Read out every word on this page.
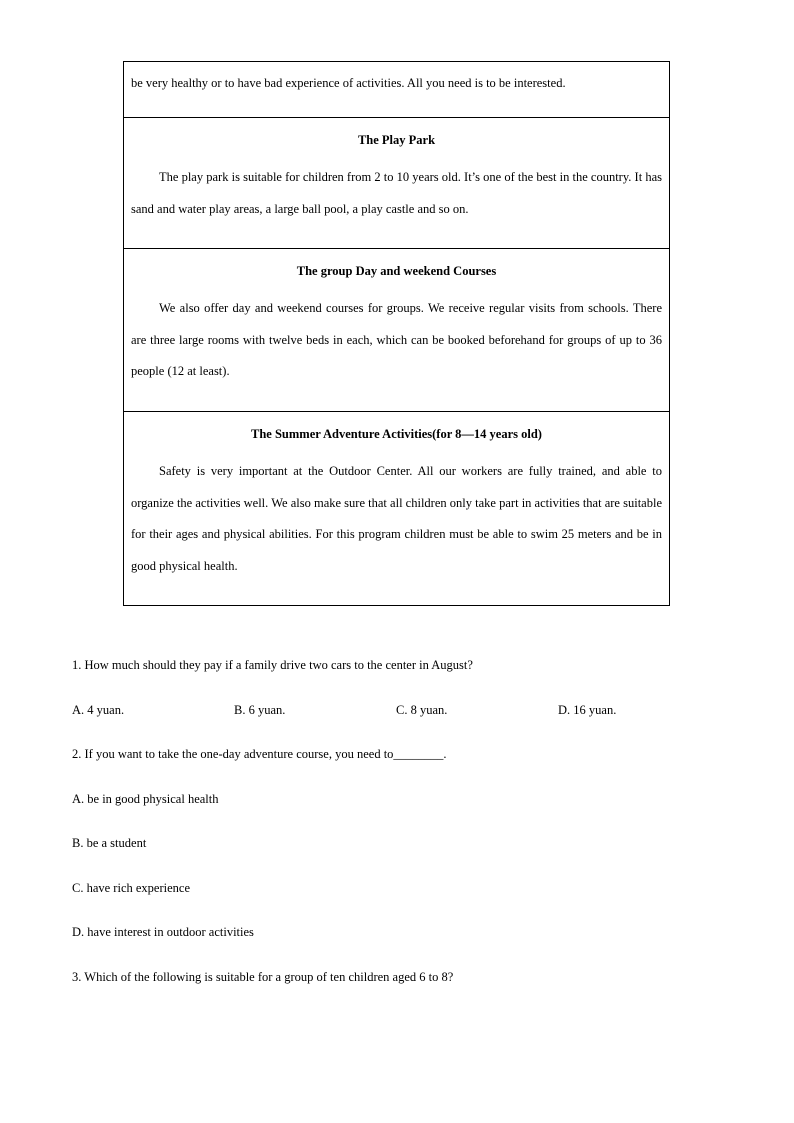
be very healthy or to have bad experience of activities. All you need is to be interested.
The Play Park
The play park is suitable for children from 2 to 10 years old. It’s one of the best in the country. It has sand and water play areas, a large ball pool, a play castle and so on.
The group Day and weekend Courses
We also offer day and weekend courses for groups. We receive regular visits from schools. There are three large rooms with twelve beds in each, which can be booked beforehand for groups of up to 36 people (12 at least).
The Summer Adventure Activities(for 8—14 years old)
Safety is very important at the Outdoor Center. All our workers are fully trained, and able to organize the activities well. We also make sure that all children only take part in activities that are suitable for their ages and physical abilities. For this program children must be able to swim 25 meters and be in good physical health.
1. How much should they pay if a family drive two cars to the center in August?
A. 4 yuan.	B. 6 yuan.	C. 8 yuan.	D. 16 yuan.
2. If you want to take the one-day adventure course, you need to________.
A. be in good physical health
B. be a student
C. have rich experience
D. have interest in outdoor activities
3. Which of the following is suitable for a group of ten children aged 6 to 8?
